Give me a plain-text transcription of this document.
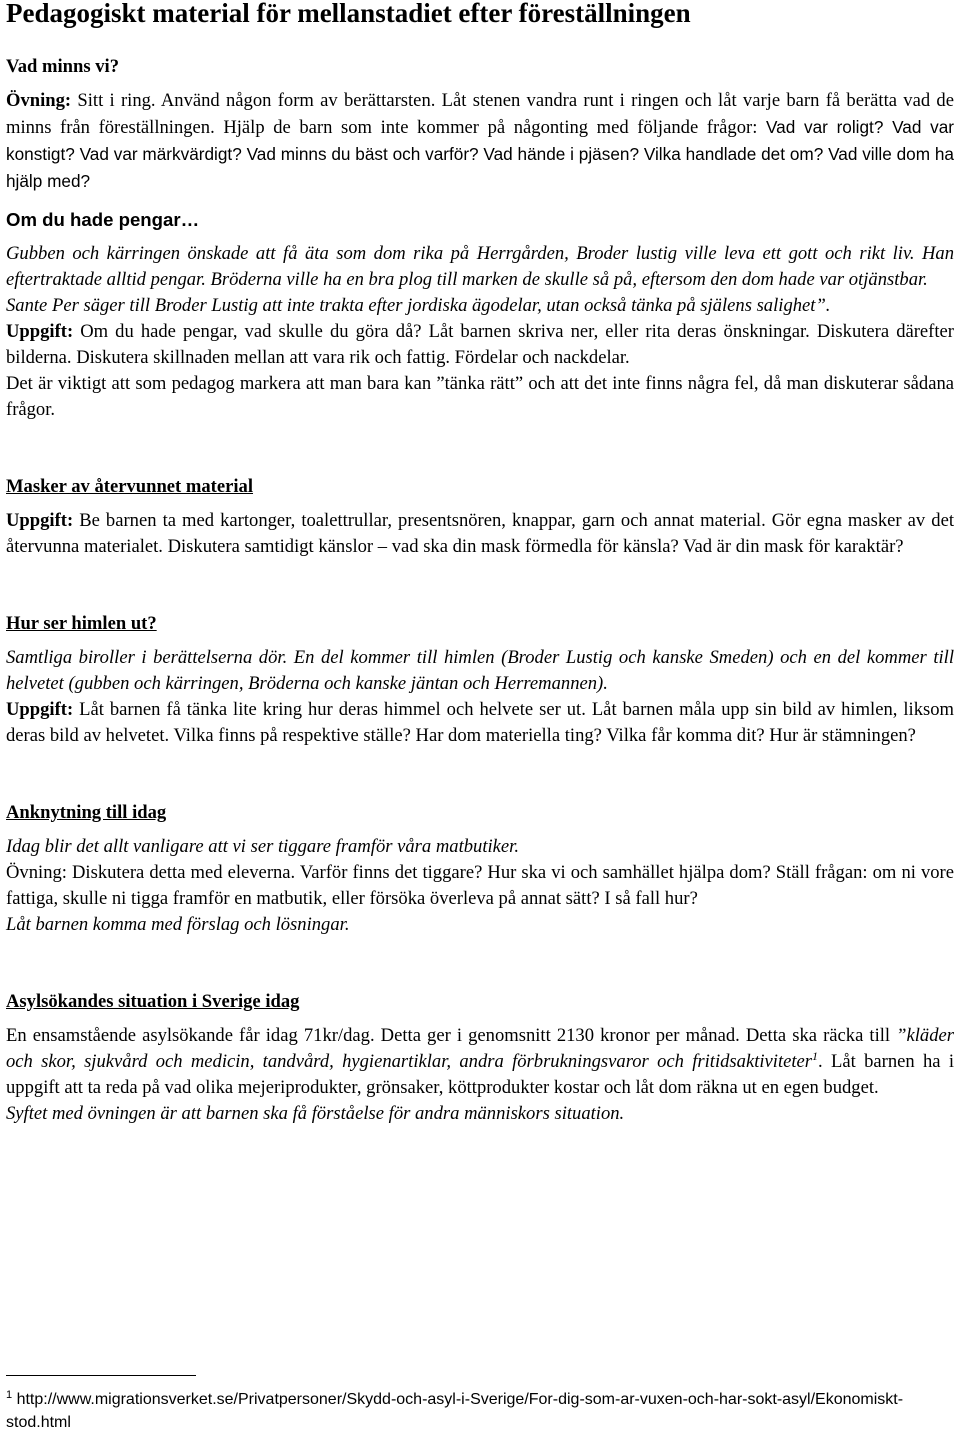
Pedagogiskt material för mellanstadiet efter föreställningen

Vad minns vi?

Övning: Sitt i ring. Använd någon form av berättarsten. Låt stenen vandra runt i ringen och låt varje barn få berätta vad de minns från föreställningen. Hjälp de barn som inte kommer på någonting med följande frågor: Vad var roligt? Vad var konstigt? Vad var märkvärdigt? Vad minns du bäst och varför? Vad hände i pjäsen? Vilka handlade det om? Vad ville dom ha hjälp med?

Om du hade pengar…

Gubben och kärringen önskade att få äta som dom rika på Herrgården, Broder lustig ville leva ett gott och rikt liv. Han eftertraktade alltid pengar. Bröderna ville ha en bra plog till marken de skulle så på, eftersom den dom hade var otjänstbar.

Sante Per säger till Broder Lustig att inte trakta efter jordiska ägodelar, utan också tänka på själens salighet”.

Uppgift: Om du hade pengar, vad skulle du göra då? Låt barnen skriva ner, eller rita deras önskningar. Diskutera därefter bilderna. Diskutera skillnaden mellan att vara rik och fattig. Fördelar och nackdelar.

Det är viktigt att som pedagog markera att man bara kan ”tänka rätt” och att det inte finns några fel, då man diskuterar sådana frågor.

Masker av återvunnet material

Uppgift: Be barnen ta med kartonger, toalettrullar, presentsnören, knappar, garn och annat material. Gör egna masker av det återvunna materialet. Diskutera samtidigt känslor – vad ska din mask förmedla för känsla? Vad är din mask för karaktär?

Hur ser himlen ut?

Samtliga biroller i berättelserna dör. En del kommer till himlen (Broder Lustig och kanske Smeden) och en del kommer till helvetet (gubben och kärringen, Bröderna och kanske jäntan och Herremannen).

Uppgift: Låt barnen få tänka lite kring hur deras himmel och helvete ser ut. Låt barnen måla upp sin bild av himlen, liksom deras bild av helvetet. Vilka finns på respektive ställe? Har dom materiella ting? Vilka får komma dit? Hur är stämningen?

Anknytning till idag

Idag blir det allt vanligare att vi ser tiggare framför våra matbutiker.

Övning: Diskutera detta med eleverna. Varför finns det tiggare? Hur ska vi och samhället hjälpa dom? Ställ frågan: om ni vore fattiga, skulle ni tigga framför en matbutik, eller försöka överleva på annat sätt? I så fall hur?

Låt barnen komma med förslag och lösningar.

Asylsökandes situation i Sverige idag

En ensamstående asylsökande får idag 71kr/dag. Detta ger i genomsnitt 2130 kronor per månad. Detta ska räcka till ”kläder och skor, sjukvård och medicin, tandvård, hygienartiklar, andra förbrukningsvaror och fritidsaktiviteter$^1$. Låt barnen ha i uppgift att ta reda på vad olika mejeriprodukter, grönsaker, köttprodukter kostar och låt dom räkna ut en egen budget.

Syftet med övningen är att barnen ska få förståelse för andra människors situation.

$^1$ http://www.migrationsverket.se/Privatpersoner/Skydd-och-asyl-i-Sverige/For-dig-som-ar-vuxen-och-har-sokt-asyl/Ekonomiskt-stod.html
